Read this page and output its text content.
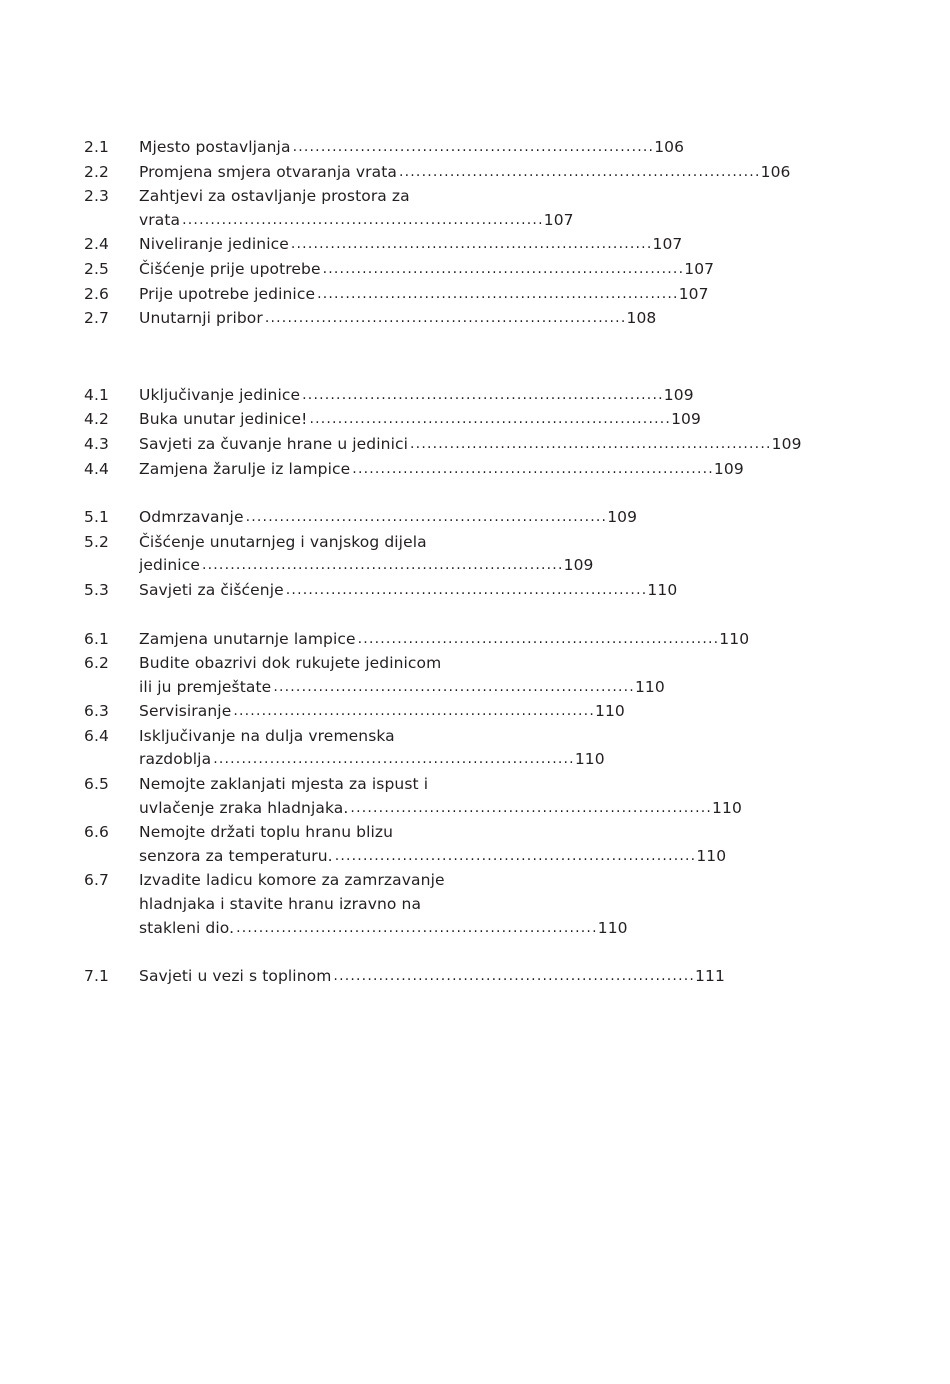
2.1	Mjesto postavljanja ................................................................ 106
2.2	Promjena smjera otvaranja vrata ................................................................ 106
2.3	Zahtjevi za ostavljanje prostora za
vrata ................................................................ 107
2.4	Niveliranje jedinice ................................................................ 107
2.5	Čišćenje prije upotrebe ................................................................ 107
2.6	Prije upotrebe jedinice ................................................................ 107
2.7	Unutarnji pribor ................................................................ 108
4.1	Uključivanje jedinice ................................................................ 109
4.2	Buka unutar jedinice! ................................................................ 109
4.3	Savjeti za čuvanje hrane u jedinici ................................................................ 109
4.4	Zamjena žarulje iz lampice ................................................................ 109
5.1	Odmrzavanje ................................................................ 109
5.2	Čišćenje unutarnjeg i vanjskog dijela
jedinice ................................................................ 109
5.3	Savjeti za čišćenje ................................................................ 110
6.1	Zamjena unutarnje lampice ................................................................ 110
6.2	Budite obazrivi dok rukujete jedinicom
ili ju premještate ................................................................ 110
6.3	Servisiranje ................................................................ 110
6.4	Isključivanje na dulja vremenska
razdoblja ................................................................ 110
6.5	Nemojte zaklanjati mjesta za ispust i
uvlačenje zraka hladnjaka. ................................................................ 110
6.6	Nemojte držati toplu hranu blizu
senzora za temperaturu. ................................................................ 110
6.7	Izvadite ladicu komore za zamrzavanje
hladnjaka i stavite hranu izravno na
stakleni dio. ................................................................ 110
7.1	Savjeti u vezi s toplinom ................................................................ 111
